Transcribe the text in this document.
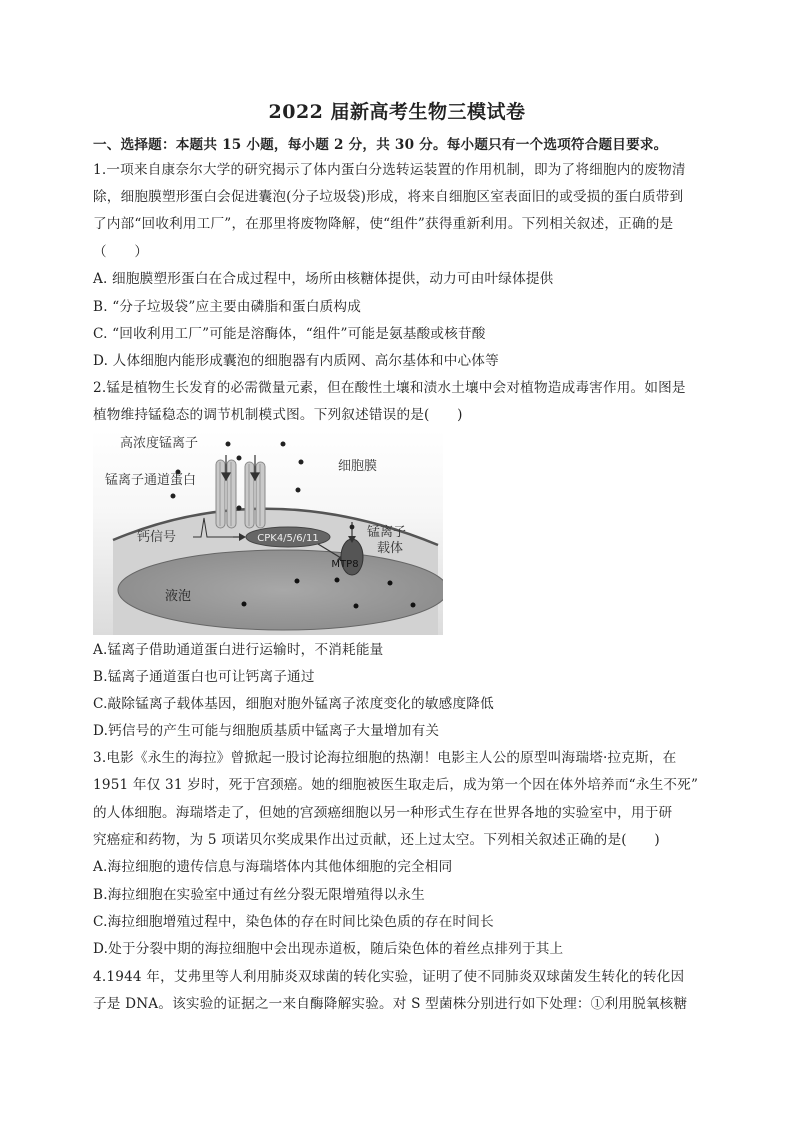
2022 届新高考生物三模试卷
一、选择题：本题共 15 小题，每小题 2 分，共 30 分。每小题只有一个选项符合题目要求。
1.一项来自康奈尔大学的研究揭示了体内蛋白分选转运装置的作用机制，即为了将细胞内的废物清
除，细胞膜塑形蛋白会促进囊泡(分子垃圾袋)形成，将来自细胞区室表面旧的或受损的蛋白质带到
了内部“回收利用工厂”，在那里将废物降解，使“组件”获得重新利用。下列相关叙述，正确的是
（　　）
A. 细胞膜塑形蛋白在合成过程中，场所由核糖体提供，动力可由叶绿体提供
B. “分子垃圾袋”应主要由磷脂和蛋白质构成
C. “回收利用工厂”可能是溶酶体，“组件”可能是氨基酸或核苷酸
D. 人体细胞内能形成囊泡的细胞器有内质网、高尔基体和中心体等
2.锰是植物生长发育的必需微量元素，但在酸性土壤和渍水土壤中会对植物造成毒害作用。如图是
植物维持锰稳态的调节机制模式图。下列叙述错误的是(　　)
CPK4/5/6/11
MTP8
高浓度锰离子
锰离子通道蛋白
细胞膜
钙信号	锰离子
载体
液泡
A.锰离子借助通道蛋白进行运输时，不消耗能量
B.锰离子通道蛋白也可让钙离子通过
C.敲除锰离子载体基因，细胞对胞外锰离子浓度变化的敏感度降低
D.钙信号的产生可能与细胞质基质中锰离子大量增加有关
3.电影《永生的海拉》曾掀起一股讨论海拉细胞的热潮！电影主人公的原型叫海瑞塔·拉克斯，在
1951 年仅 31 岁时，死于宫颈癌。她的细胞被医生取走后，成为第一个因在体外培养而“永生不死”
的人体细胞。海瑞塔走了，但她的宫颈癌细胞以另一种形式生存在世界各地的实验室中，用于研
究癌症和药物，为 5 项诺贝尔奖成果作出过贡献，还上过太空。下列相关叙述正确的是(　　)
A.海拉细胞的遗传信息与海瑞塔体内其他体细胞的完全相同
B.海拉细胞在实验室中通过有丝分裂无限增殖得以永生
C.海拉细胞增殖过程中，染色体的存在时间比染色质的存在时间长
D.处于分裂中期的海拉细胞中会出现赤道板，随后染色体的着丝点排列于其上
4.1944 年，艾弗里等人利用肺炎双球菌的转化实验，证明了使不同肺炎双球菌发生转化的转化因
子是 DNA。该实验的证据之一来自酶降解实验。对 S 型菌株分别进行如下处理：①利用脱氧核糖
